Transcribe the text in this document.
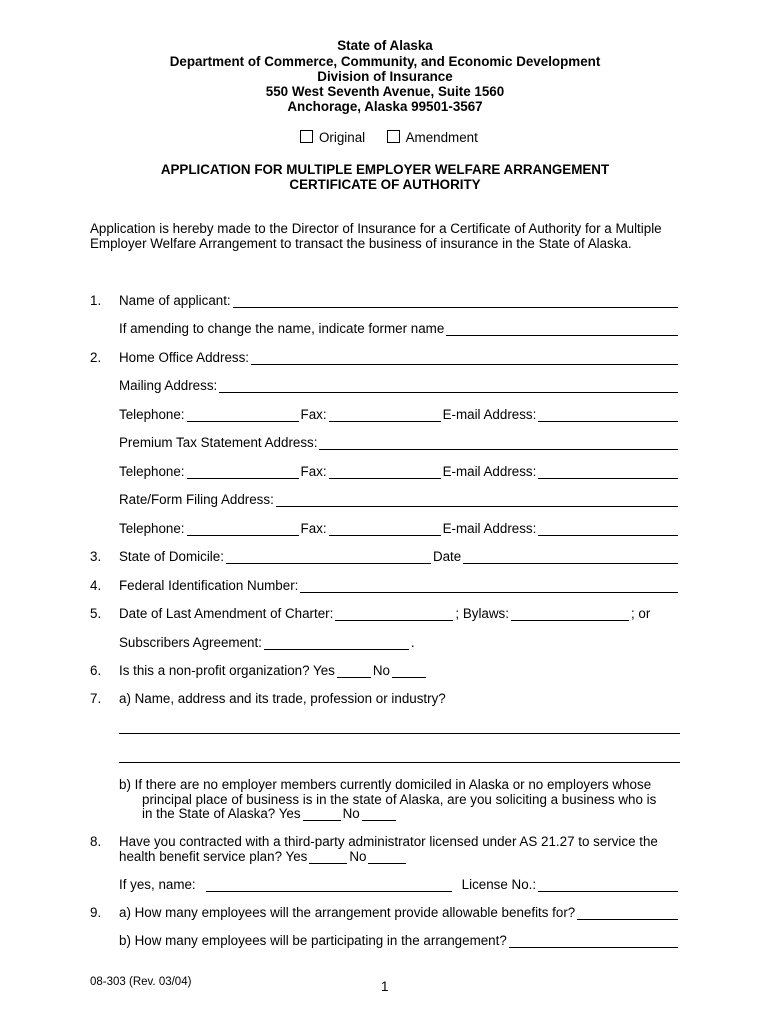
State of Alaska
Department of Commerce, Community, and Economic Development
Division of Insurance
550 West Seventh Avenue, Suite 1560
Anchorage, Alaska 99501-3567
Original	Amendment
APPLICATION FOR MULTIPLE EMPLOYER WELFARE ARRANGEMENT
CERTIFICATE OF AUTHORITY
Application is hereby made to the Director of Insurance for a Certificate of Authority for a Multiple Employer Welfare Arrangement to transact the business of insurance in the State of Alaska.
1. Name of applicant:
If amending to change the name, indicate former name
2. Home Office Address:
Mailing Address:
Telephone:	Fax:	E-mail Address:
Premium Tax Statement Address:
Telephone:	Fax:	E-mail Address:
Rate/Form Filing Address:
Telephone:	Fax:	E-mail Address:
3. State of Domicile:	Date
4. Federal Identification Number:
5. Date of Last Amendment of Charter:	; Bylaws:	; or
Subscribers Agreement:	.
6. Is this a non-profit organization? Yes	No
7. a) Name, address and its trade, profession or industry?
b) If there are no employer members currently domiciled in Alaska or no employers whose
principal place of business is in the state of Alaska, are you soliciting a business who is
in the State of Alaska? Yes	No
8. Have you contracted with a third-party administrator licensed under AS 21.27 to service the
health benefit service plan? Yes	No
If yes, name:	License No.:
9. a) How many employees will the arrangement provide allowable benefits for?
b) How many employees will be participating in the arrangement?
08-303 (Rev. 03/04)	1
